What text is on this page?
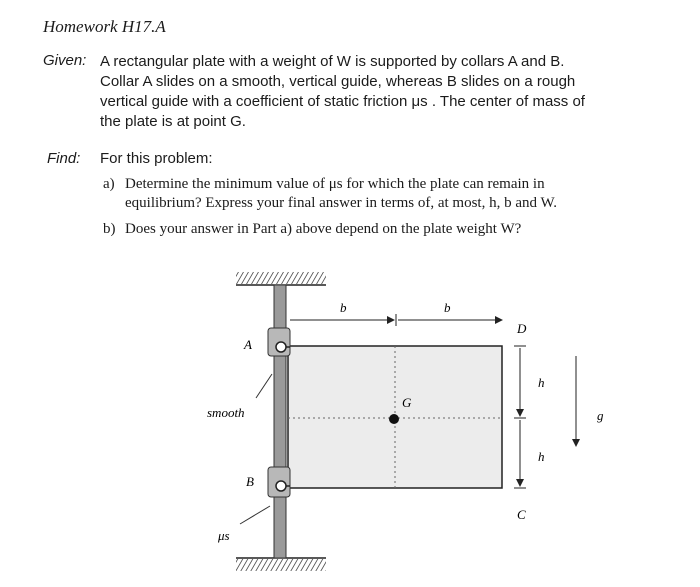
Homework H17.A
Given: A rectangular plate with a weight of W is supported by collars A and B.
Collar A slides on a smooth, vertical guide, whereas B slides on a rough
vertical guide with a coefficient of static friction μs . The center of mass of
the plate is at point G.
Find: For this problem:
a) Determine the minimum value of μs for which the plate can remain in
equilibrium? Express your final answer in terms of, at most, h, b and W.
b) Does your answer in Part a) above depend on the plate weight W?
G
A
B
smooth
μs
b	b
h
h
D
C
g
